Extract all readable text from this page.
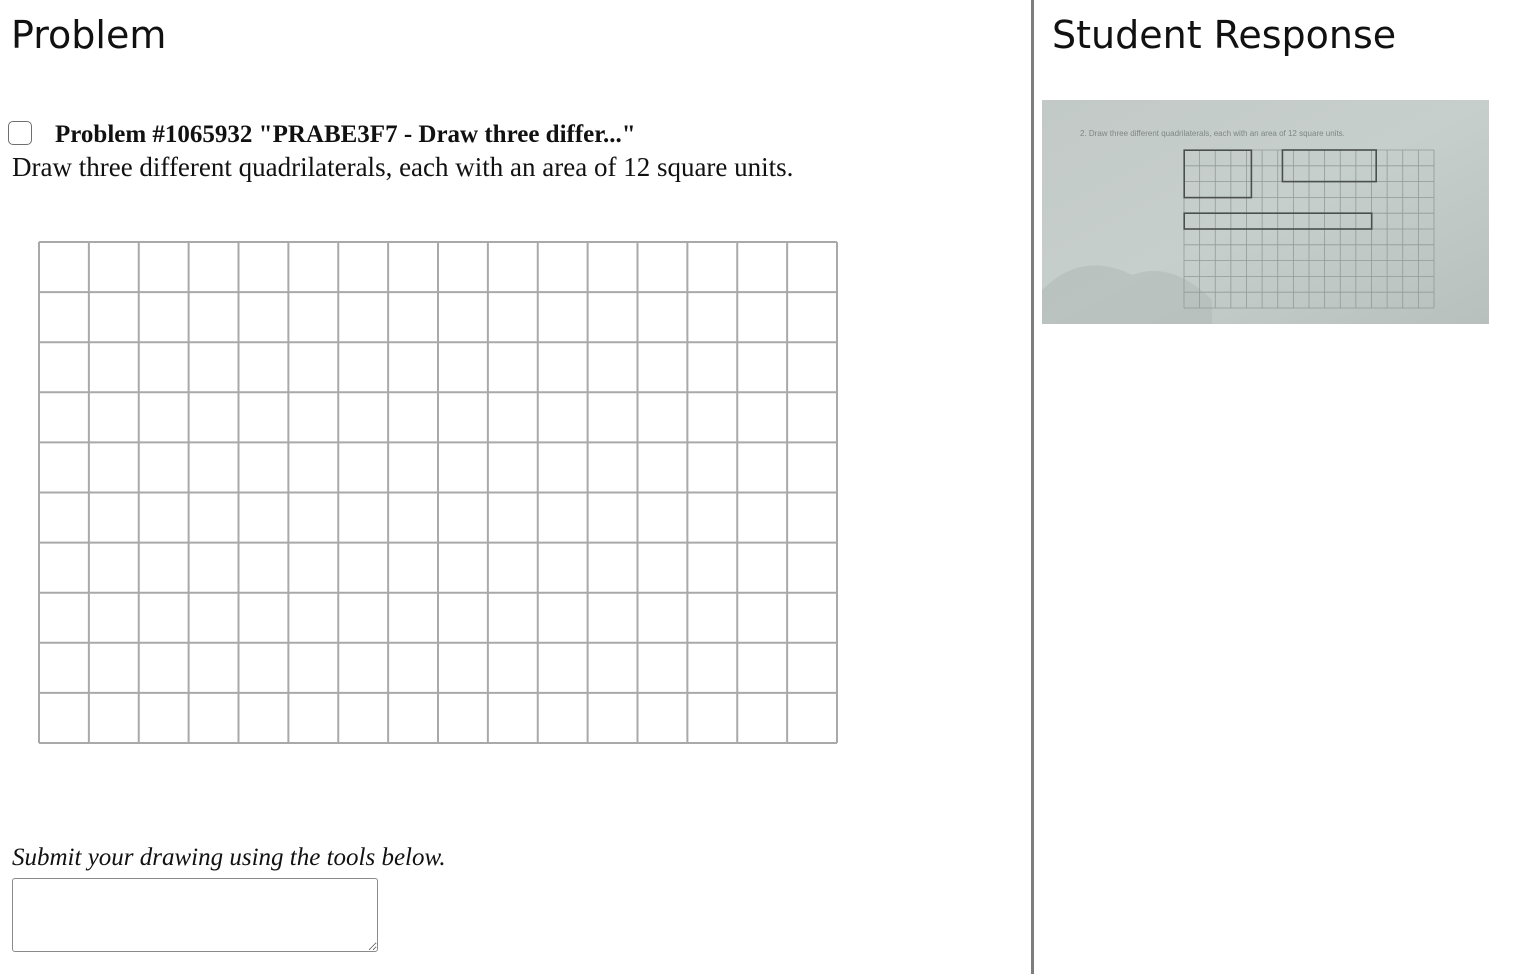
Problem
Problem #1065932 "PRABE3F7 - Draw three differ..."

Draw three different quadrilaterals, each with an area of 12 square units.

Submit your drawing using the tools below.

Student Response
2. Draw three different quadrilaterals, each with an area of 12 square units.
